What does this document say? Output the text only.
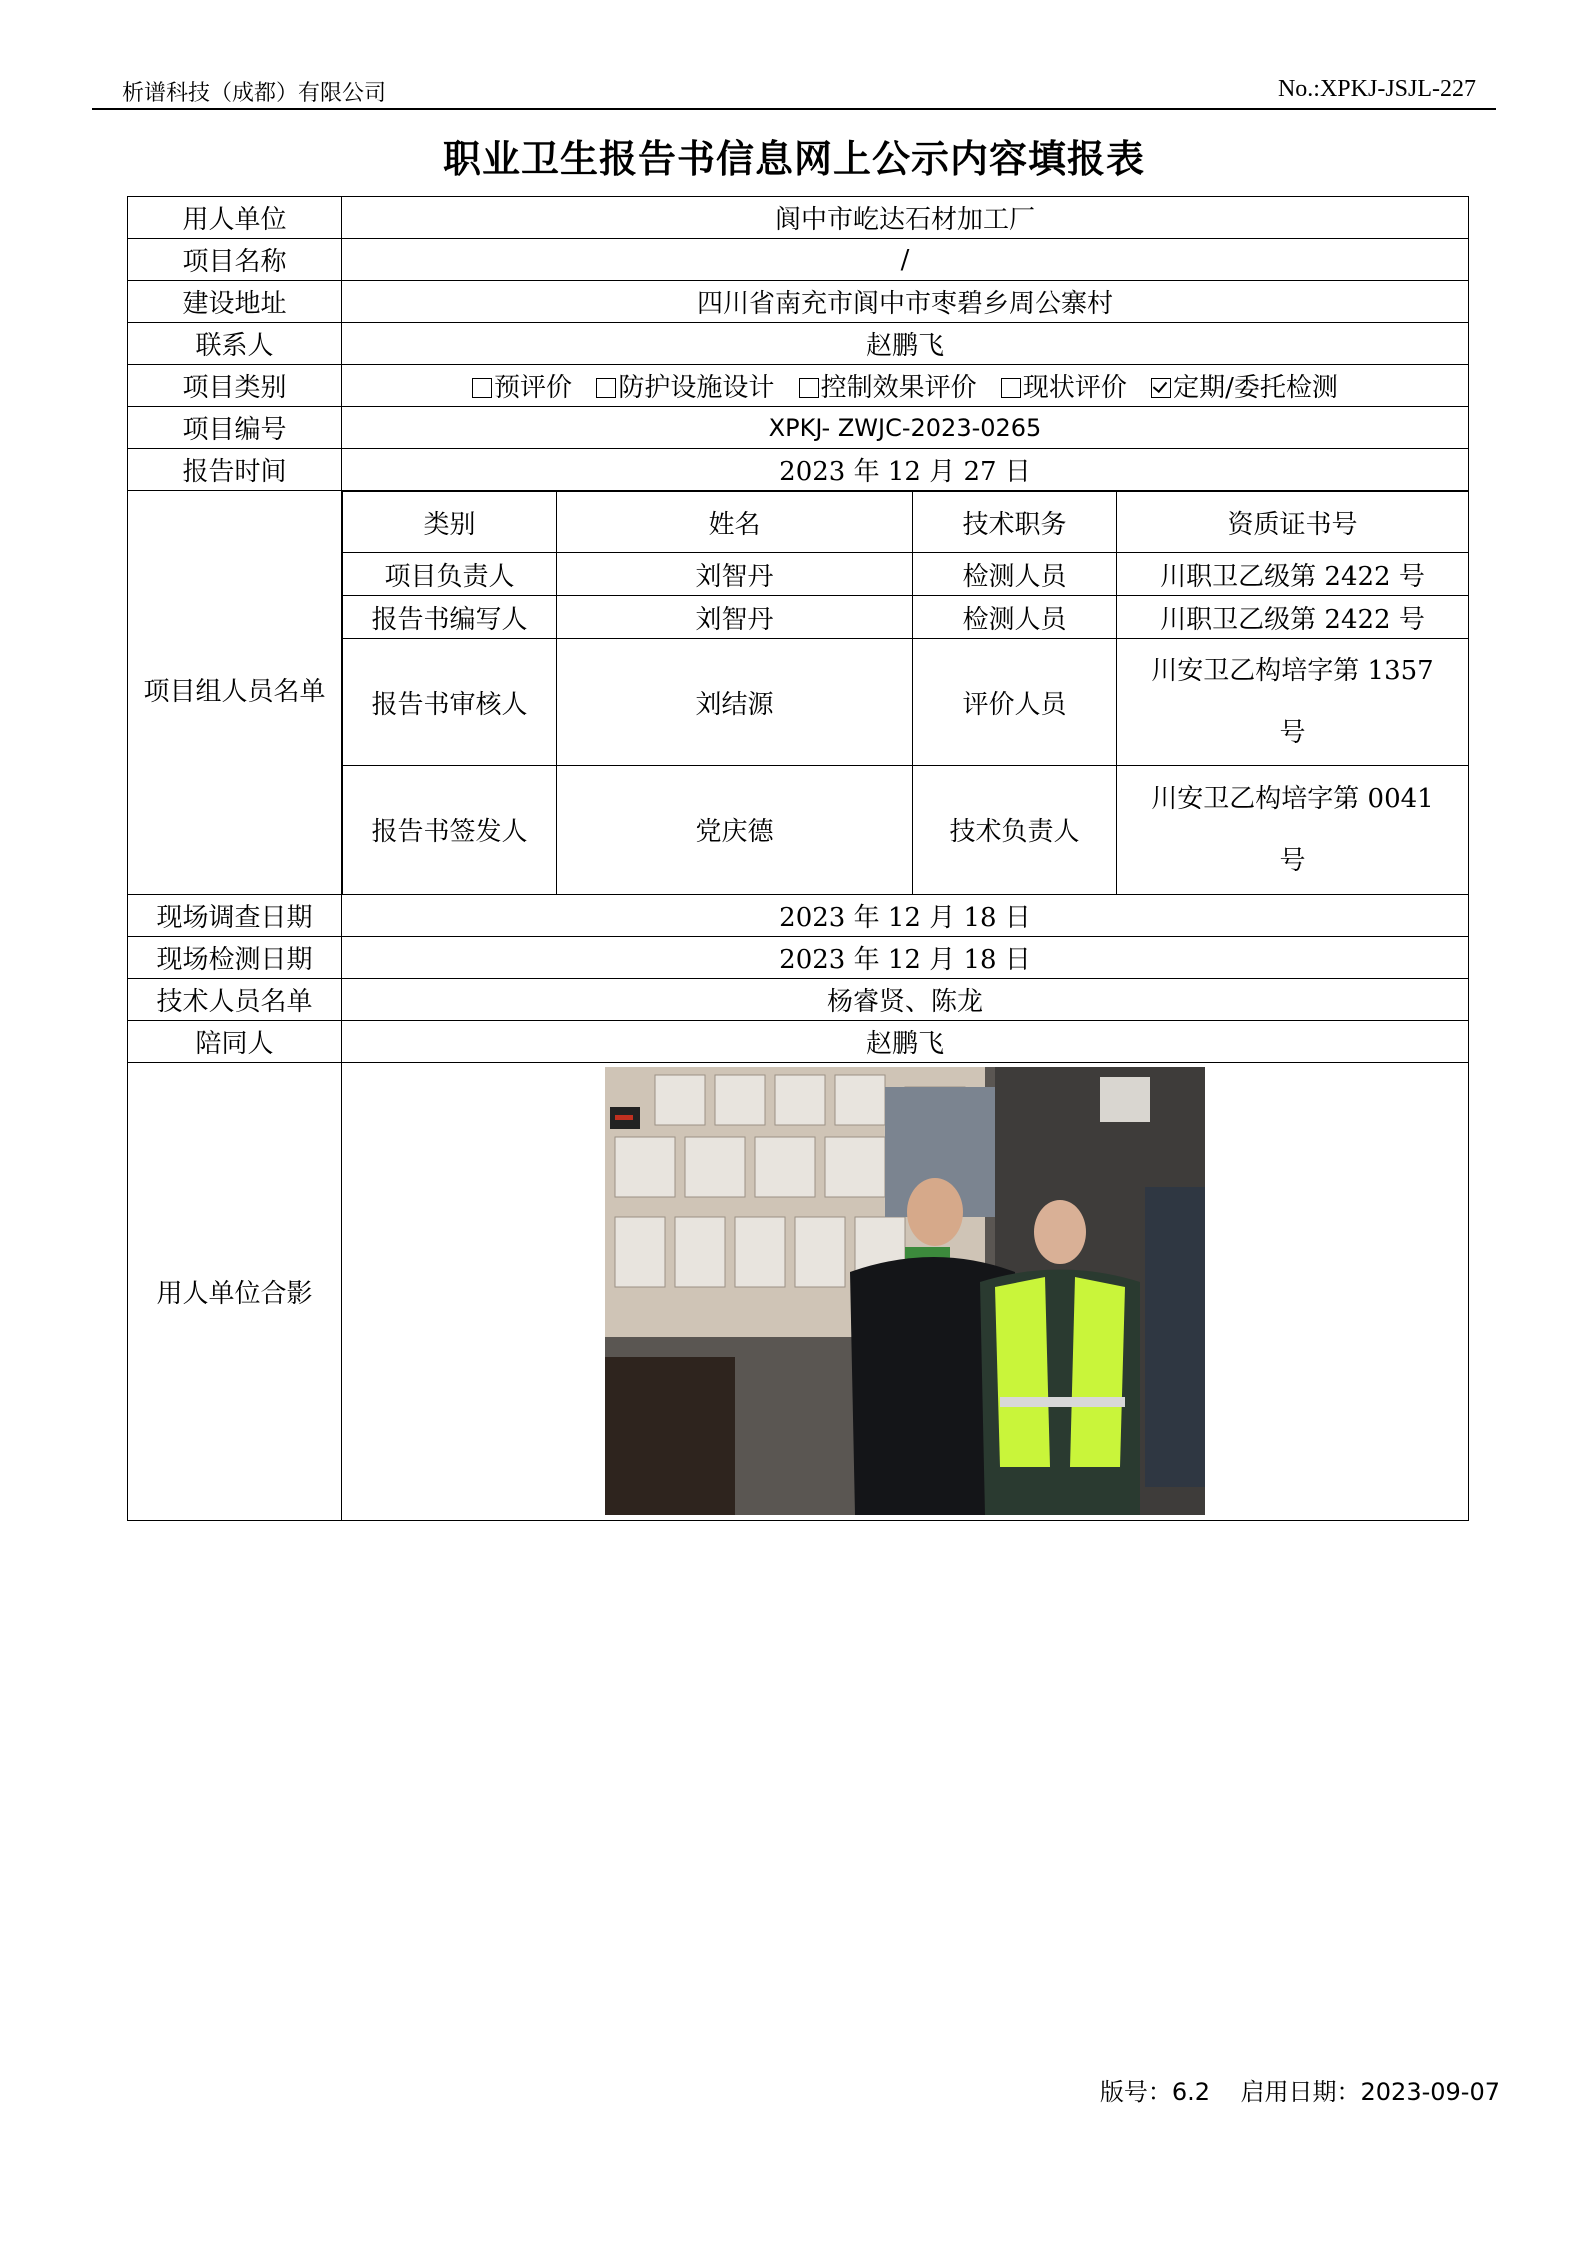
析谱科技（成都）有限公司	No.:XPKJ-JSJL-227
职业卫生报告书信息网上公示内容填报表
用人单位	阆中市屹达石材加工厂
项目名称	/
建设地址	四川省南充市阆中市枣碧乡周公寨村
联系人	赵鹏飞
项目类别	预评价 防护设施设计 控制效果评价 现状评价 定期/委托检测
项目编号	XPKJ- ZWJC-2023-0265
报告时间	2023 年 12 月 27 日
项目组人员名单	
类别	姓名	技术职务	资质证书号
项目负责人	刘智丹	检测人员	川职卫乙级第 2422 号
报告书编写人	刘智丹	检测人员	川职卫乙级第 2422 号
报告书审核人	刘结源	评价人员	川安卫乙构培字第 1357 号
报告书签发人	党庆德	技术负责人	川安卫乙构培字第 0041 号

现场调查日期	2023 年 12 月 18 日
现场检测日期	2023 年 12 月 18 日
技术人员名单	杨睿贤、陈龙
陪同人	赵鹏飞
用人单位合影	
版号：6.2 启用日期：2023-09-07
